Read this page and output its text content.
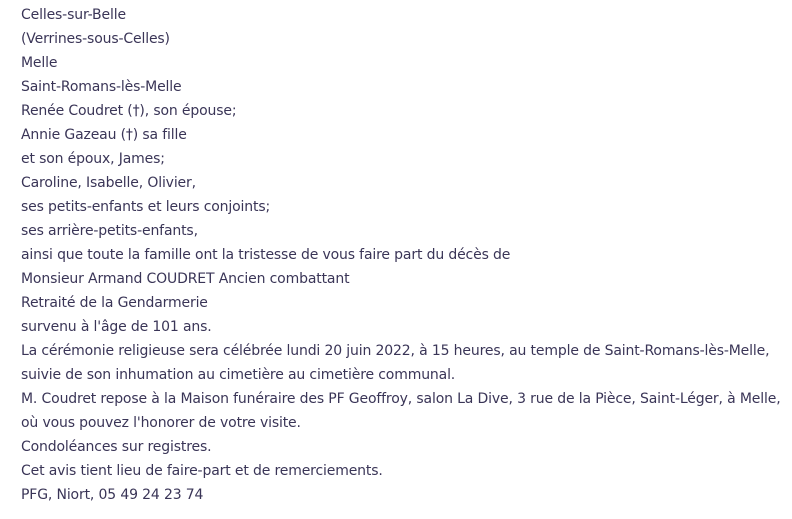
Celles-sur-Belle

(Verrines-sous-Celles)

Melle

Saint-Romans-lès-Melle

Renée Coudret (†), son épouse;

Annie Gazeau (†) sa fille

et son époux, James;

Caroline, Isabelle, Olivier,

ses petits-enfants et leurs conjoints;

ses arrière-petits-enfants,

ainsi que toute la famille ont la tristesse de vous faire part du décès de

Monsieur Armand COUDRET Ancien combattant

Retraité de la Gendarmerie

survenu à l'âge de 101 ans.

La cérémonie religieuse sera célébrée lundi 20 juin 2022, à 15 heures, au temple de Saint-Romans-lès-Melle, suivie de son inhumation au cimetière au cimetière communal.

M. Coudret repose à la Maison funéraire des PF Geoffroy, salon La Dive, 3 rue de la Pièce, Saint-Léger, à Melle, où vous pouvez l'honorer de votre visite.

Condoléances sur registres.

Cet avis tient lieu de faire-part et de remerciements.

PFG, Niort, 05 49 24 23 74
